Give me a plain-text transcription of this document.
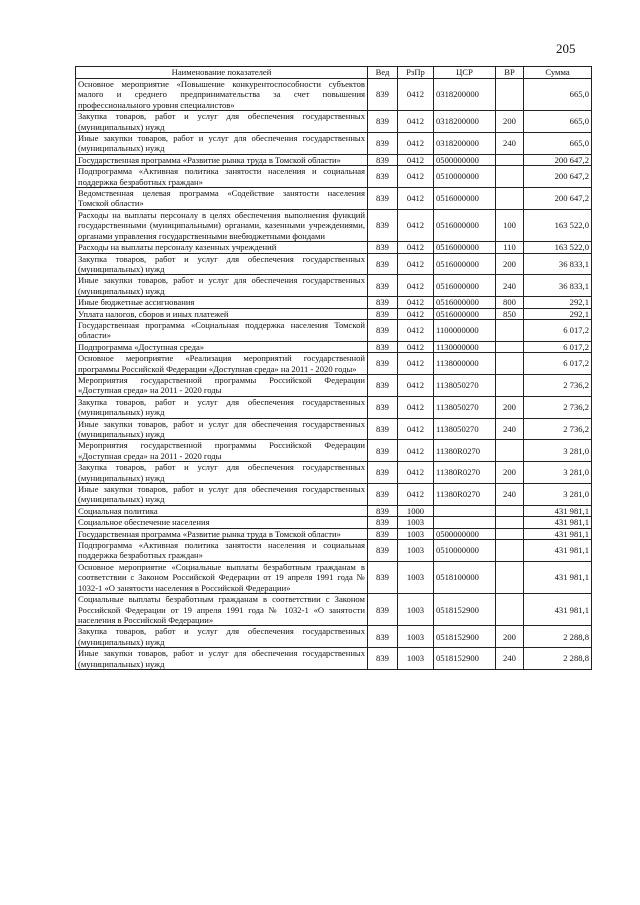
205
Наименование показателей	Вед	РзПр	ЦСР	ВР	Сумма
Основное мероприятие «Повышение конкурентоспособности субъектов малого и среднего предпринимательства за счет повышения профессионального уровня специалистов»	839	0412	0318200000		665,0
Закупка товаров, работ и услуг для обеспечения государственных (муниципальных) нужд	839	0412	0318200000	200	665,0
Иные закупки товаров, работ и услуг для обеспечения государственных (муниципальных) нужд	839	0412	0318200000	240	665,0
Государственная программа «Развитие рынка труда в Томской области»	839	0412	0500000000		200 647,2
Подпрограмма «Активная политика занятости населения и социальная поддержка безработных граждан»	839	0412	0510000000		200 647,2
Ведомственная целевая программа «Содействие занятости населения Томской области»	839	0412	0516000000		200 647,2
Расходы на выплаты персоналу в целях обеспечения выполнения функций государственными (муниципальными) органами, казенными учреждениями, органами управления государственными внебюджетными фондами	839	0412	0516000000	100	163 522,0
Расходы на выплаты персоналу казенных учреждений	839	0412	0516000000	110	163 522,0
Закупка товаров, работ и услуг для обеспечения государственных (муниципальных) нужд	839	0412	0516000000	200	36 833,1
Иные закупки товаров, работ и услуг для обеспечения государственных (муниципальных) нужд	839	0412	0516000000	240	36 833,1
Иные бюджетные ассигнования	839	0412	0516000000	800	292,1
Уплата налогов, сборов и иных платежей	839	0412	0516000000	850	292,1
Государственная программа «Социальная поддержка населения Томской области»	839	0412	1100000000		6 017,2
Подпрограмма «Доступная среда»	839	0412	1130000000		6 017,2
Основное мероприятие «Реализация мероприятий государственной программы Российской Федерации «Доступная среда» на 2011 - 2020 годы»	839	0412	1138000000		6 017,2
Мероприятия государственной программы Российской Федерации «Доступная среда» на 2011 - 2020 годы	839	0412	1138050270		2 736,2
Закупка товаров, работ и услуг для обеспечения государственных (муниципальных) нужд	839	0412	1138050270	200	2 736,2
Иные закупки товаров, работ и услуг для обеспечения государственных (муниципальных) нужд	839	0412	1138050270	240	2 736,2
Мероприятия государственной программы Российской Федерации «Доступная среда» на 2011 - 2020 годы	839	0412	11380R0270		3 281,0
Закупка товаров, работ и услуг для обеспечения государственных (муниципальных) нужд	839	0412	11380R0270	200	3 281,0
Иные закупки товаров, работ и услуг для обеспечения государственных (муниципальных) нужд	839	0412	11380R0270	240	3 281,0
Социальная политика	839	1000			431 981,1
Социальное обеспечение населения	839	1003			431 981,1
Государственная программа «Развитие рынка труда в Томской области»	839	1003	0500000000		431 981,1
Подпрограмма «Активная политика занятости населения и социальная поддержка безработных граждан»	839	1003	0510000000		431 981,1
Основное мероприятие «Социальные выплаты безработным гражданам в соответствии с Законом Российской Федерации от 19 апреля 1991 года № 1032-1 «О занятости населения в Российской Федерации»	839	1003	0518100000		431 981,1
Социальные выплаты безработным гражданам в соответствии с Законом Российской Федерации от 19 апреля 1991 года № 1032-1 «О занятости населения в Российской Федерации»	839	1003	0518152900		431 981,1
Закупка товаров, работ и услуг для обеспечения государственных (муниципальных) нужд	839	1003	0518152900	200	2 288,8
Иные закупки товаров, работ и услуг для обеспечения государственных (муниципальных) нужд	839	1003	0518152900	240	2 288,8
